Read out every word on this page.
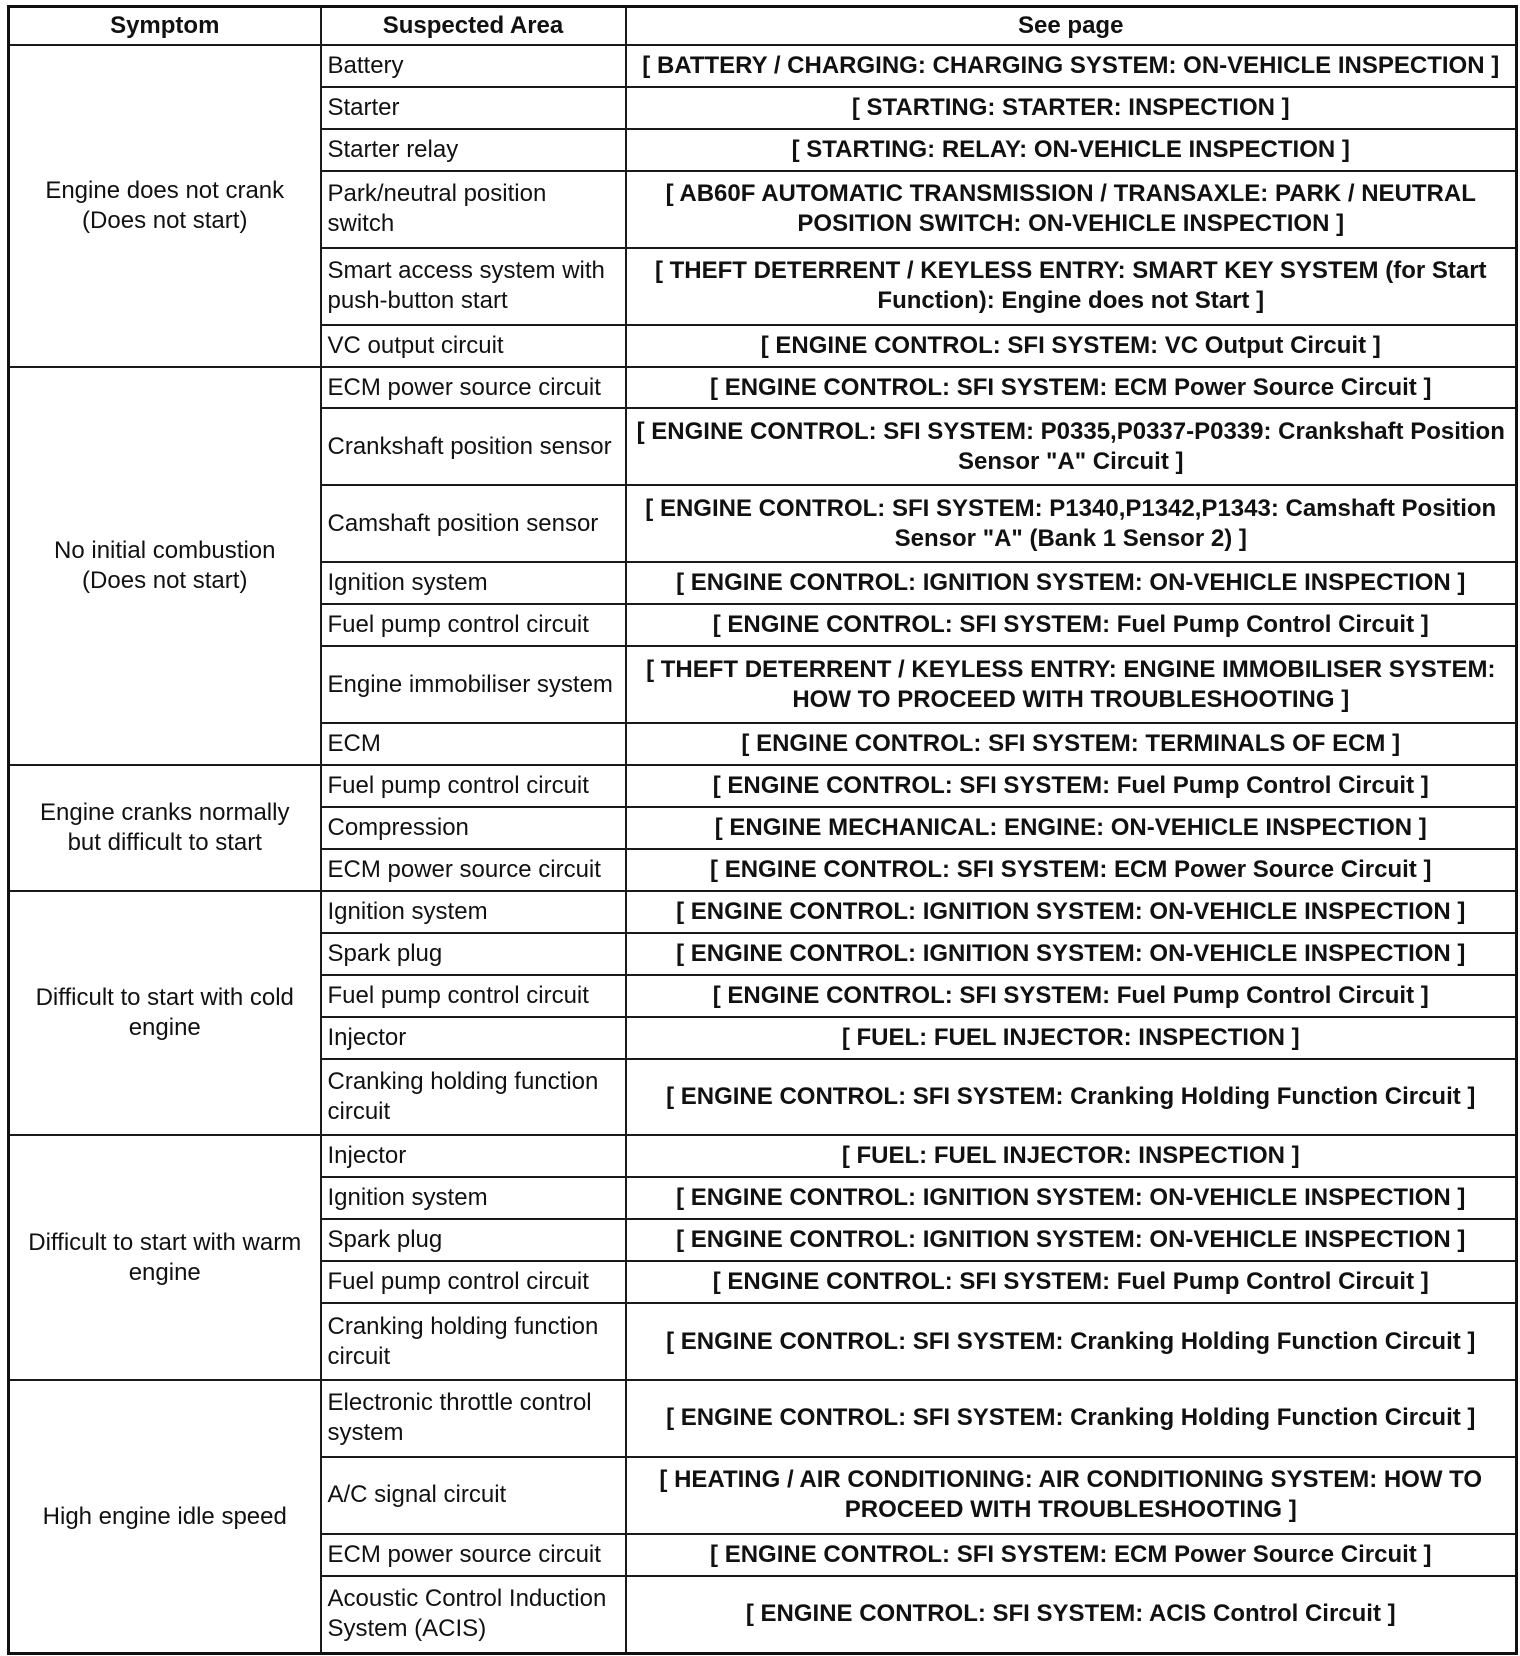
Symptom	Suspected Area	See page

Engine does not crank
(Does not start)	Battery	[ BATTERY / CHARGING: CHARGING SYSTEM: ON-VEHICLE INSPECTION ]
	Starter	[ STARTING: STARTER: INSPECTION ]
	Starter relay	[ STARTING: RELAY: ON-VEHICLE INSPECTION ]
	Park/neutral position switch	[ AB60F AUTOMATIC TRANSMISSION / TRANSAXLE: PARK / NEUTRAL POSITION SWITCH: ON-VEHICLE INSPECTION ]
	Smart access system with push-button start	[ THEFT DETERRENT / KEYLESS ENTRY: SMART KEY SYSTEM (for Start Function): Engine does not Start ]
	VC output circuit	[ ENGINE CONTROL: SFI SYSTEM: VC Output Circuit ]

No initial combustion
(Does not start)	ECM power source circuit	[ ENGINE CONTROL: SFI SYSTEM: ECM Power Source Circuit ]
	Crankshaft position sensor	[ ENGINE CONTROL: SFI SYSTEM: P0335,P0337-P0339: Crankshaft Position Sensor "A" Circuit ]
	Camshaft position sensor	[ ENGINE CONTROL: SFI SYSTEM: P1340,P1342,P1343: Camshaft Position Sensor "A" (Bank 1 Sensor 2) ]
	Ignition system	[ ENGINE CONTROL: IGNITION SYSTEM: ON-VEHICLE INSPECTION ]
	Fuel pump control circuit	[ ENGINE CONTROL: SFI SYSTEM: Fuel Pump Control Circuit ]
	Engine immobiliser system	[ THEFT DETERRENT / KEYLESS ENTRY: ENGINE IMMOBILISER SYSTEM: HOW TO PROCEED WITH TROUBLESHOOTING ]
	ECM	[ ENGINE CONTROL: SFI SYSTEM: TERMINALS OF ECM ]

Engine cranks normally
but difficult to start	Fuel pump control circuit	[ ENGINE CONTROL: SFI SYSTEM: Fuel Pump Control Circuit ]
	Compression	[ ENGINE MECHANICAL: ENGINE: ON-VEHICLE INSPECTION ]
	ECM power source circuit	[ ENGINE CONTROL: SFI SYSTEM: ECM Power Source Circuit ]

Difficult to start with cold
engine	Ignition system	[ ENGINE CONTROL: IGNITION SYSTEM: ON-VEHICLE INSPECTION ]
	Spark plug	[ ENGINE CONTROL: IGNITION SYSTEM: ON-VEHICLE INSPECTION ]
	Fuel pump control circuit	[ ENGINE CONTROL: SFI SYSTEM: Fuel Pump Control Circuit ]
	Injector	[ FUEL: FUEL INJECTOR: INSPECTION ]
	Cranking holding function circuit	[ ENGINE CONTROL: SFI SYSTEM: Cranking Holding Function Circuit ]

Difficult to start with warm
engine	Injector	[ FUEL: FUEL INJECTOR: INSPECTION ]
	Ignition system	[ ENGINE CONTROL: IGNITION SYSTEM: ON-VEHICLE INSPECTION ]
	Spark plug	[ ENGINE CONTROL: IGNITION SYSTEM: ON-VEHICLE INSPECTION ]
	Fuel pump control circuit	[ ENGINE CONTROL: SFI SYSTEM: Fuel Pump Control Circuit ]
	Cranking holding function circuit	[ ENGINE CONTROL: SFI SYSTEM: Cranking Holding Function Circuit ]

High engine idle speed	Electronic throttle control system	[ ENGINE CONTROL: SFI SYSTEM: Cranking Holding Function Circuit ]
	A/C signal circuit	[ HEATING / AIR CONDITIONING: AIR CONDITIONING SYSTEM: HOW TO PROCEED WITH TROUBLESHOOTING ]
	ECM power source circuit	[ ENGINE CONTROL: SFI SYSTEM: ECM Power Source Circuit ]
	Acoustic Control Induction System (ACIS)	[ ENGINE CONTROL: SFI SYSTEM: ACIS Control Circuit ]
